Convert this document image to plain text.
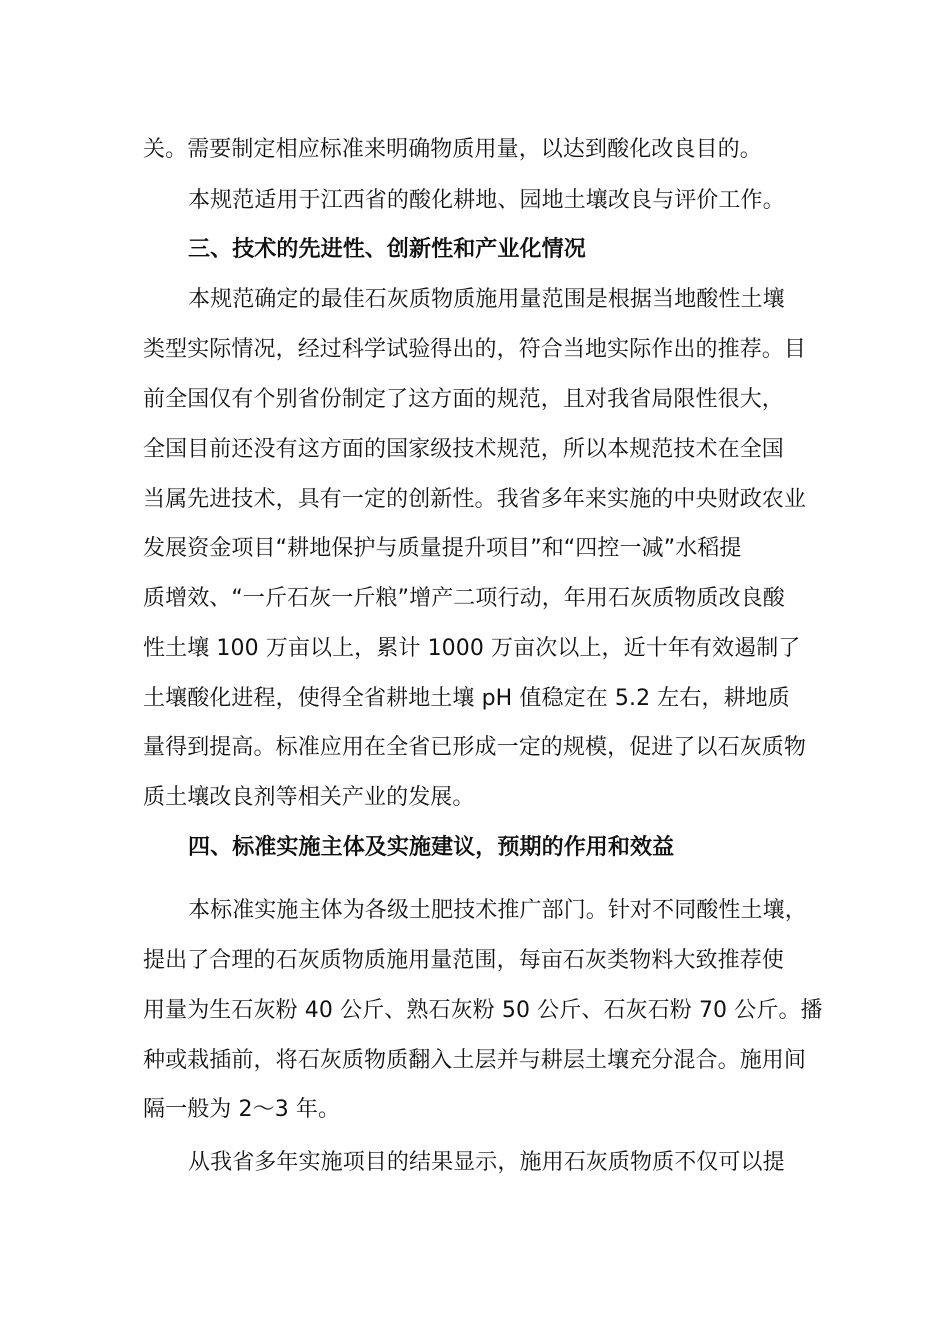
关。需要制定相应标准来明确物质用量，以达到酸化改良目的。
本规范适用于江西省的酸化耕地、园地土壤改良与评价工作。
三、技术的先进性、创新性和产业化情况
本规范确定的最佳石灰质物质施用量范围是根据当地酸性土壤
类型实际情况，经过科学试验得出的，符合当地实际作出的推荐。目
前全国仅有个别省份制定了这方面的规范，且对我省局限性很大，
全国目前还没有这方面的国家级技术规范，所以本规范技术在全国
当属先进技术，具有一定的创新性。我省多年来实施的中央财政农业
发展资金项目“耕地保护与质量提升项目”和“四控一减”水稻提
质增效、“一斤石灰一斤粮”增产二项行动，年用石灰质物质改良酸
性土壤 100 万亩以上，累计 1000 万亩次以上，近十年有效遏制了
土壤酸化进程，使得全省耕地土壤 pH 值稳定在 5.2 左右，耕地质
量得到提高。标准应用在全省已形成一定的规模，促进了以石灰质物
质土壤改良剂等相关产业的发展。
四、标准实施主体及实施建议，预期的作用和效益
本标准实施主体为各级土肥技术推广部门。针对不同酸性土壤，
提出了合理的石灰质物质施用量范围，每亩石灰类物料大致推荐使
用量为生石灰粉 40 公斤、熟石灰粉 50 公斤、石灰石粉 70 公斤。播
种或栽插前，将石灰质物质翻入土层并与耕层土壤充分混合。施用间
隔一般为 2～3 年。
从我省多年实施项目的结果显示，施用石灰质物质不仅可以提
